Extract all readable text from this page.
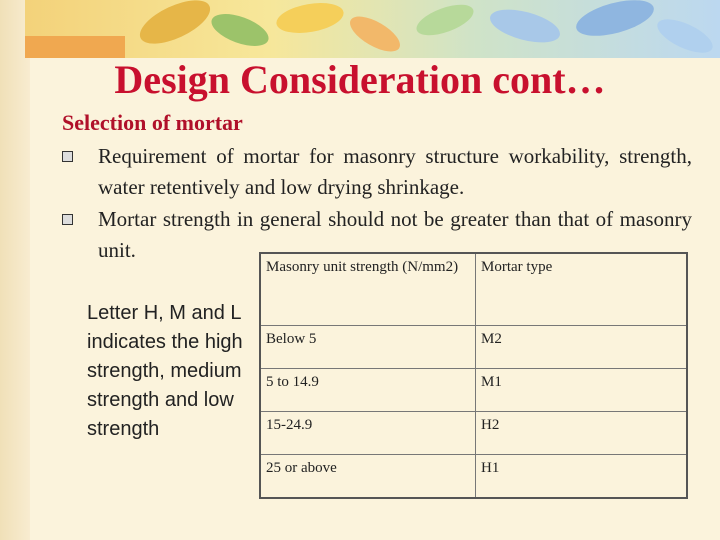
Design Consideration cont…
Selection of mortar
Requirement of mortar for masonry structure workability, strength, water retentively and low drying shrinkage.
Mortar strength in general should not be greater than that of masonry unit.
Letter H, M and L indicates the high strength, medium strength and low strength
Masonry unit strength (N/mm2)	Mortar type
Below 5	M2
5 to 14.9	M1
15-24.9	H2
25 or above	H1
